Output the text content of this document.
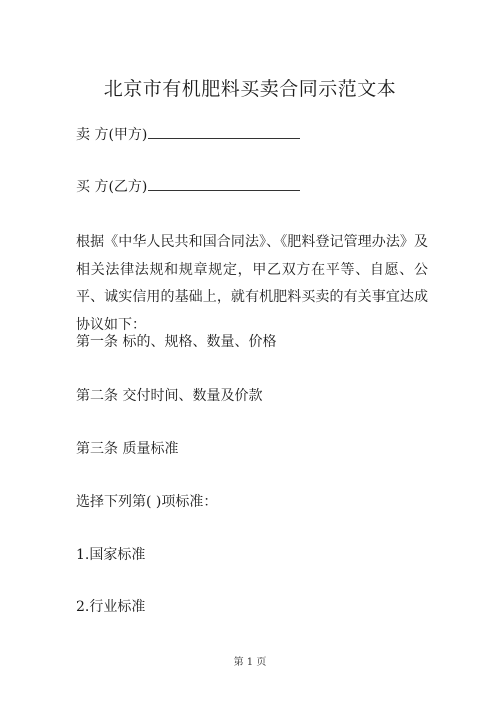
北京市有机肥料买卖合同示范文本
卖 方(甲方)
买 方(乙方)
根据《中华人民共和国合同法》、《肥料登记管理办法》及相关法律法规和规章规定，甲乙双方在平等、自愿、公平、诚实信用的基础上，就有机肥料买卖的有关事宜达成协议如下：
第一条 标的、规格、数量、价格
第二条 交付时间、数量及价款
第三条 质量标准
选择下列第( )项标准：
1.国家标准
2.行业标准
第 1 页
